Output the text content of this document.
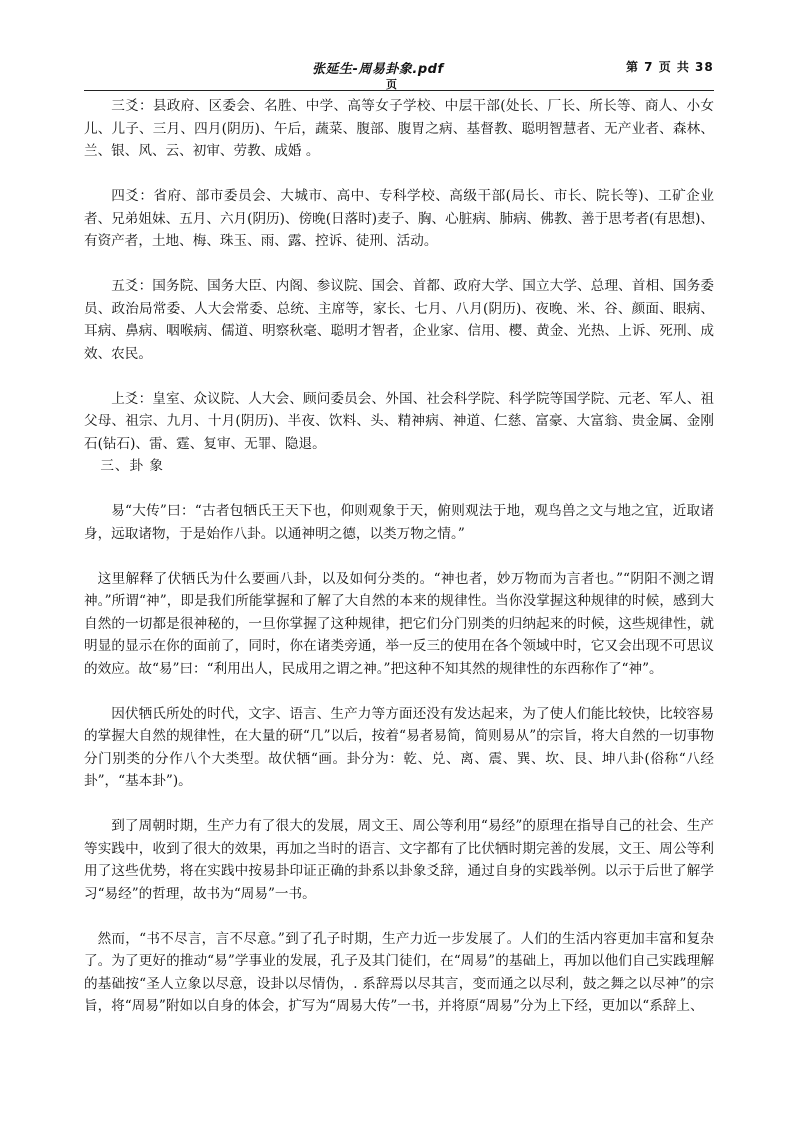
张延生-周易卦象.pdf	第 7 页 共 38
页

三爻：县政府、区委会、名胜、中学、高等女子学校、中层干部(处长、厂长、所长等、商人、小女儿、儿子、三月、四月(阴历)、午后，蔬菜、腹部、腹胃之病、基督教、聪明智慧者、无产业者、森林、兰、银、风、云、初审、劳教、成婚 。

四爻：省府、部市委员会、大城市、高中、专科学校、高级干部(局长、市长、院长等)、工矿企业者、兄弟姐妹、五月、六月(阴历)、傍晚(日落时)麦子、胸、心脏病、肺病、佛教、善于思考者(有思想)、有资产者，土地、梅、珠玉、雨、露、控诉、徒刑、活动。

五爻：国务院、国务大臣、内阁、参议院、国会、首都、政府大学、国立大学、总理、首相、国务委员、政治局常委、人大会常委、总统、主席等，家长、七月、八月(阴历)、夜晚、米、谷、颜面、眼病、耳病、鼻病、咽喉病、儒道、明察秋毫、聪明才智者，企业家、信用、樱、黄金、光热、上诉、死刑、成效、农民。

上爻：皇室、众议院、人大会、顾问委员会、外国、社会科学院、科学院等国学院、元老、军人、祖父母、祖宗、九月、十月(阴历)、半夜、饮料、头、精神病、神道、仁慈、富豪、大富翁、贵金属、金刚石(钻石)、雷、霆、复审、无罪、隐退。

三、卦 象

易“大传”曰：“古者包牺氏王天下也，仰则观象于天，俯则观法于地，观鸟兽之文与地之宜，近取诸身，远取诸物，于是始作八卦。以通神明之德，以类万物之情。”

这里解释了伏牺氏为什么要画八卦，以及如何分类的。“神也者，妙万物而为言者也。”“阴阳不测之谓神。”所谓“神”，即是我们所能掌握和了解了大自然的本来的规律性。当你没掌握这种规律的时候，感到大自然的一切都是很神秘的，一旦你掌握了这种规律，把它们分门别类的归纳起来的时候，这些规律性，就明显的显示在你的面前了，同时，你在诸类旁通，举一反三的使用在各个领域中时，它又会出现不可思议的效应。故“易”曰：“利用出人，民成用之谓之神。”把这种不知其然的规律性的东西称作了“神”。

因伏牺氏所处的时代，文字、语言、生产力等方面还没有发达起来，为了使人们能比较快，比较容易的掌握大自然的规律性，在大量的研“几”以后，按着“易者易简，简则易从”的宗旨，将大自然的一切事物分门别类的分作八个大类型。故伏牺“画。卦分为：乾、兑、离、震、巽、坎、艮、坤八卦(俗称“八经卦”，“基本卦”)。

到了周朝时期，生产力有了很大的发展，周文王、周公等利用“易经”的原理在指导自己的社会、生产等实践中，收到了很大的效果，再加之当时的语言、文字都有了比伏牺时期完善的发展，文王、周公等利用了这些优势，将在实践中按易卦印证正确的卦系以卦象爻辞，通过自身的实践举例。以示于后世了解学习“易经”的哲理，故书为“周易”一书。

然而，“书不尽言，言不尽意。”到了孔子时期，生产力近一步发展了。人们的生活内容更加丰富和复杂了。为了更好的推动“易”学事业的发展，孔子及其门徒们，在“周易”的基础上，再加以他们自己实践理解的基础按“圣人立象以尽意，设卦以尽情伪，. 系辞焉以尽其言，变而通之以尽利，鼓之舞之以尽神”的宗旨，将“周易”附如以自身的体会，扩写为“周易大传”一书，并将原“周易”分为上下经，更加以“系辞上、
